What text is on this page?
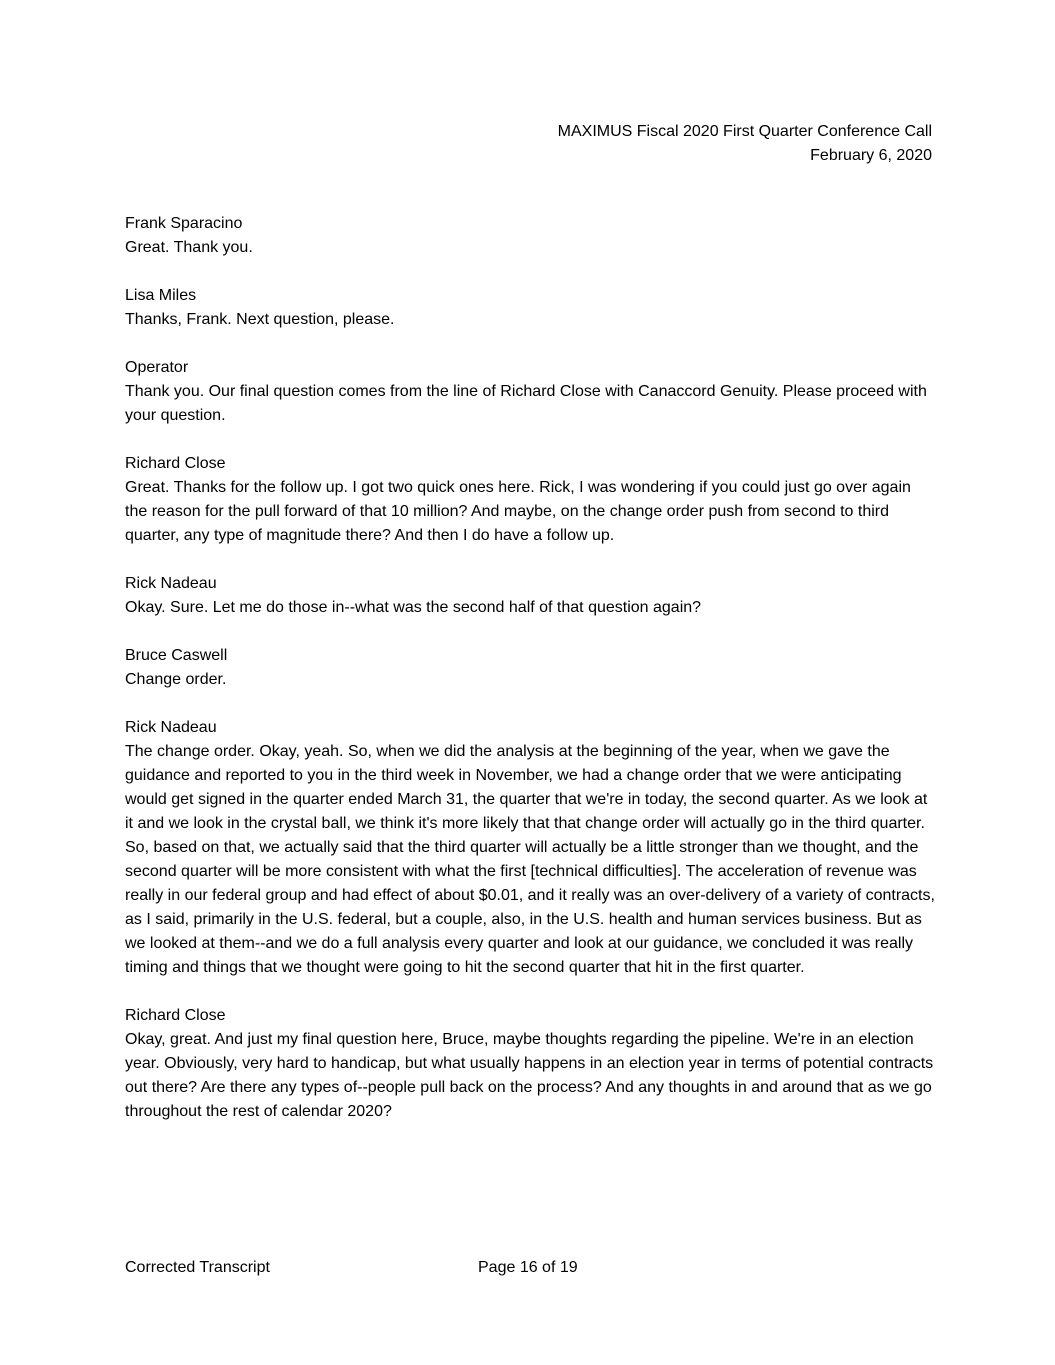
MAXIMUS Fiscal 2020 First Quarter Conference Call
February 6, 2020

Frank Sparacino

Great. Thank you.

Lisa Miles

Thanks, Frank. Next question, please.

Operator

Thank you. Our final question comes from the line of Richard Close with Canaccord Genuity. Please proceed with your question.

Richard Close

Great. Thanks for the follow up. I got two quick ones here. Rick, I was wondering if you could just go over again the reason for the pull forward of that 10 million? And maybe, on the change order push from second to third quarter, any type of magnitude there? And then I do have a follow up.

Rick Nadeau

Okay. Sure. Let me do those in--what was the second half of that question again?

Bruce Caswell

Change order.

Rick Nadeau

The change order. Okay, yeah. So, when we did the analysis at the beginning of the year, when we gave the guidance and reported to you in the third week in November, we had a change order that we were anticipating would get signed in the quarter ended March 31, the quarter that we're in today, the second quarter. As we look at it and we look in the crystal ball, we think it's more likely that that change order will actually go in the third quarter. So, based on that, we actually said that the third quarter will actually be a little stronger than we thought, and the second quarter will be more consistent with what the first [technical difficulties]. The acceleration of revenue was really in our federal group and had effect of about $0.01, and it really was an over-delivery of a variety of contracts, as I said, primarily in the U.S. federal, but a couple, also, in the U.S. health and human services business. But as we looked at them--and we do a full analysis every quarter and look at our guidance, we concluded it was really timing and things that we thought were going to hit the second quarter that hit in the first quarter.

Richard Close

Okay, great. And just my final question here, Bruce, maybe thoughts regarding the pipeline. We're in an election year. Obviously, very hard to handicap, but what usually happens in an election year in terms of potential contracts out there? Are there any types of--people pull back on the process? And any thoughts in and around that as we go throughout the rest of calendar 2020?

Corrected Transcript	Page 16 of 19
